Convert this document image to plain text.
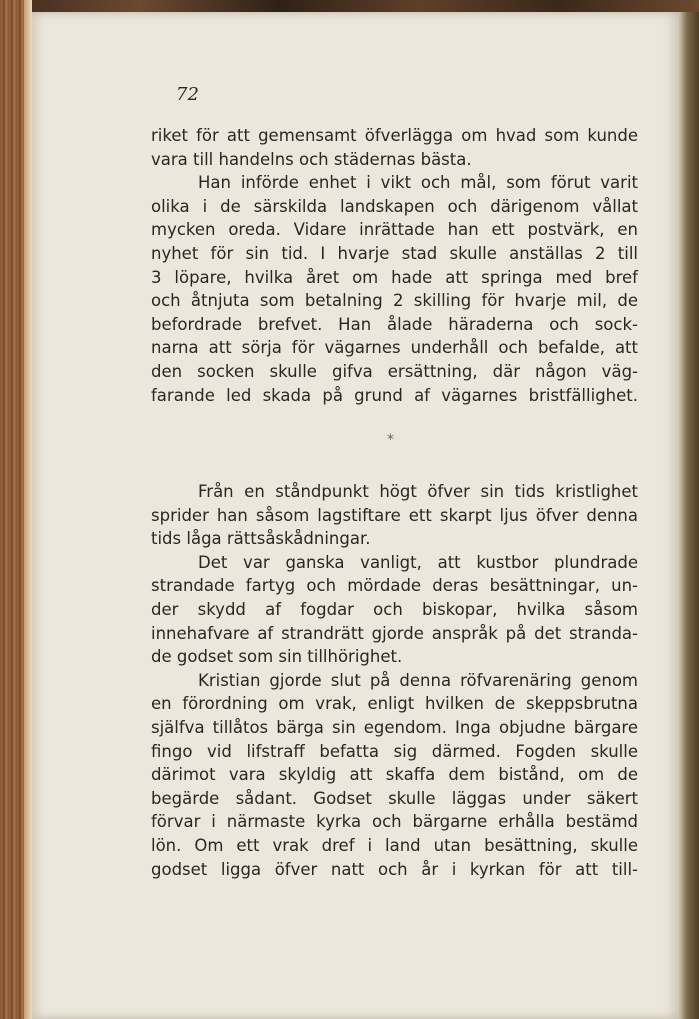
72

riket för att gemensamt öfverlägga om hvad som kunde

vara till handelns och städernas bästa.

Han införde enhet i vikt och mål, som förut varit

olika i de särskilda landskapen och därigenom vållat

mycken oreda. Vidare inrättade han ett postvärk, en

nyhet för sin tid. I hvarje stad skulle anställas 2 till

3 löpare, hvilka året om hade att springa med bref

och åtnjuta som betalning 2 skilling för hvarje mil, de

befordrade brefvet. Han ålade häraderna och sock-

narna att sörja för vägarnes underhåll och befalde, att

den socken skulle gifva ersättning, där någon väg-

farande led skada på grund af vägarnes bristfällighet.

*

Från en ståndpunkt högt öfver sin tids kristlighet

sprider han såsom lagstiftare ett skarpt ljus öfver denna

tids låga rättsåskådningar.

Det var ganska vanligt, att kustbor plundrade

strandade fartyg och mördade deras besättningar, un-

der skydd af fogdar och biskopar, hvilka såsom

innehafvare af strandrätt gjorde anspråk på det stranda-

de godset som sin tillhörighet.

Kristian gjorde slut på denna röfvarenäring genom

en förordning om vrak, enligt hvilken de skeppsbrutna

själfva tillåtos bärga sin egendom. Inga objudne bärgare

fingo vid lifstraff befatta sig därmed. Fogden skulle

därimot vara skyldig att skaffa dem bistånd, om de

begärde sådant. Godset skulle läggas under säkert

förvar i närmaste kyrka och bärgarne erhålla bestämd

lön. Om ett vrak dref i land utan besättning, skulle

godset ligga öfver natt och år i kyrkan för att till-
